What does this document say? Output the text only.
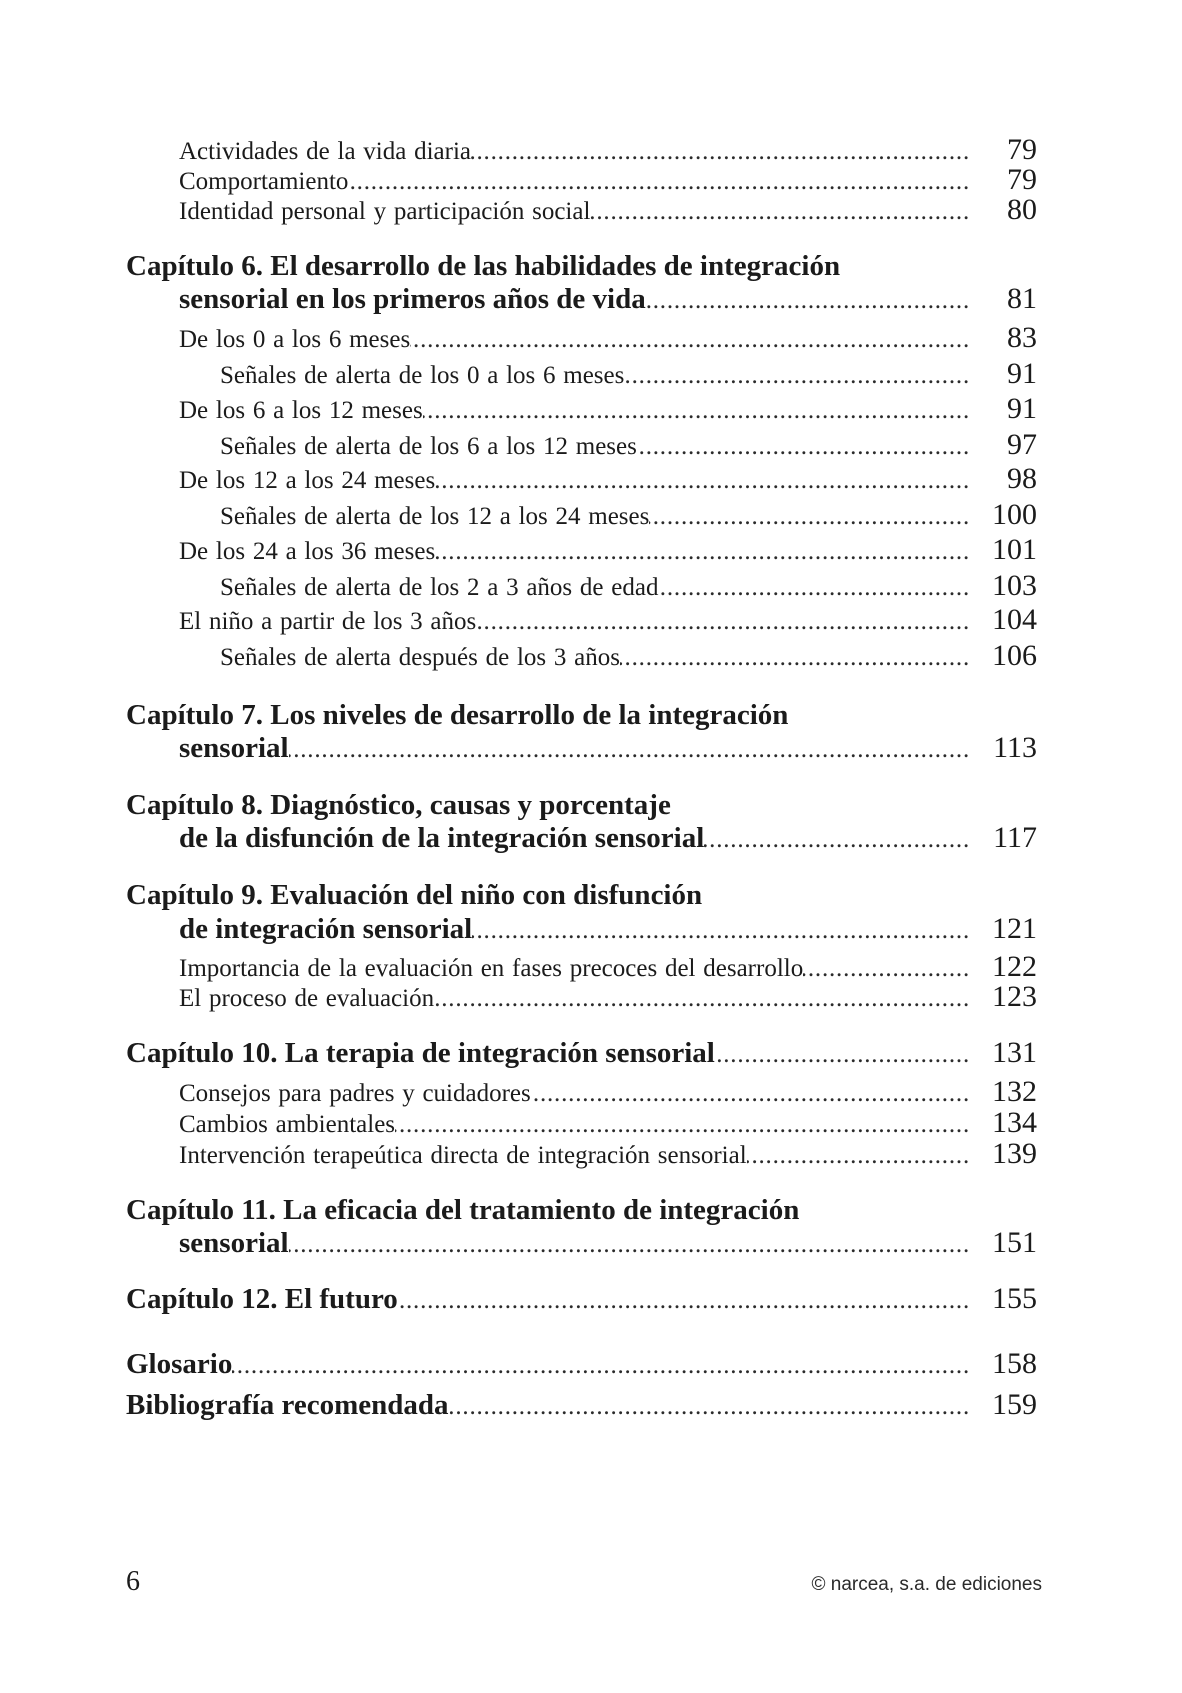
Actividades de la vida diaria .....	79
Comportamiento .....	79
Identidad personal y participación social .....	80
Capítulo 6. El desarrollo de las habilidades de integración
sensorial en los primeros años de vida .....	81
De los 0 a los 6 meses .....	83
Señales de alerta de los 0 a los 6 meses .....	91
De los 6 a los 12 meses .....	91
Señales de alerta de los 6 a los 12 meses .....	97
De los 12 a los 24 meses .....	98
Señales de alerta de los 12 a los 24 meses .....	100
De los 24 a los 36 meses .....	101
Señales de alerta de los 2 a 3 años de edad .....	103
El niño a partir de los 3 años .....	104
Señales de alerta después de los 3 años .....	106
Capítulo 7. Los niveles de desarrollo de la integración
sensorial .....	113
Capítulo 8. Diagnóstico, causas y porcentaje
de la disfunción de la integración sensorial .....	117
Capítulo 9. Evaluación del niño con disfunción
de integración sensorial .....	121
Importancia de la evaluación en fases precoces del desarrollo .....	122
El proceso de evaluación .....	123
Capítulo 10. La terapia de integración sensorial .....	131
Consejos para padres y cuidadores .....	132
Cambios ambientales .....	134
Intervención terapeútica directa de integración sensorial .....	139
Capítulo 11. La eficacia del tratamiento de integración
sensorial .....	151
Capítulo 12. El futuro .....	155
Glosario .....	158
Bibliografía recomendada .....	159
6	© narcea, s.a. de ediciones
